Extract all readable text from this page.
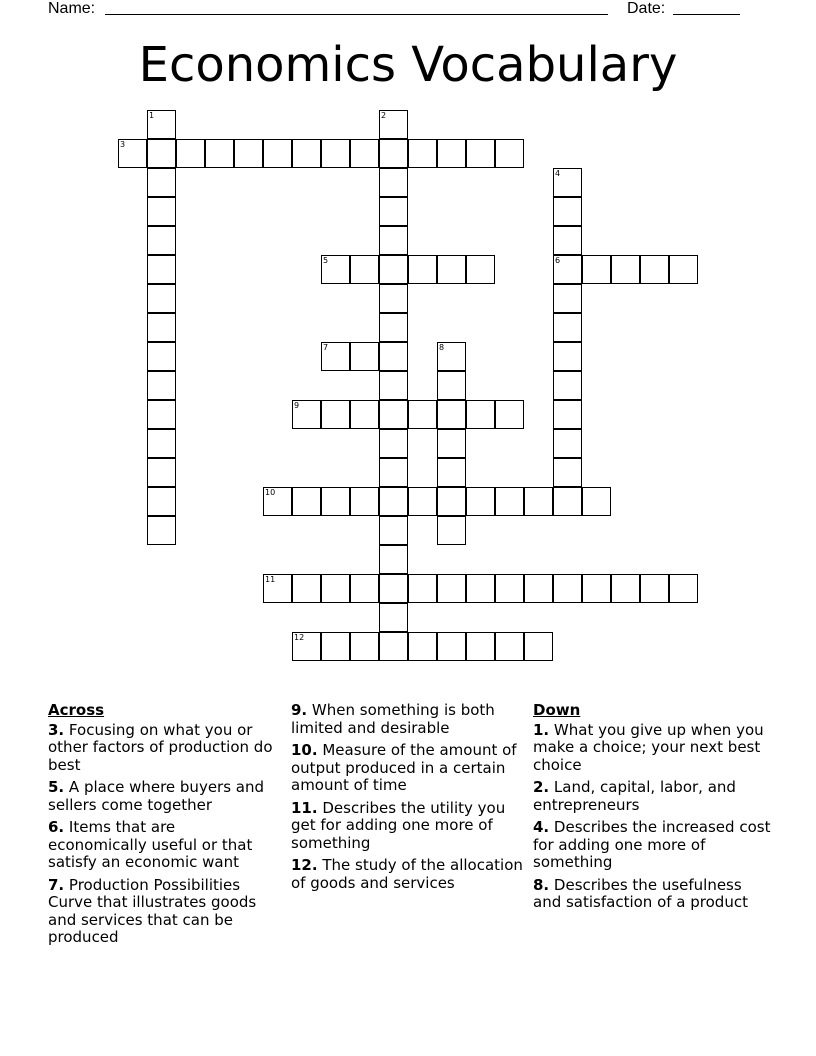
Name:	Date:
Economics Vocabulary
1	2
3
4
6
5
7	8
9
10
11
12
Across
3. Focusing on what you or other factors of production do best
5. A place where buyers and sellers come together
6. Items that are economically useful or that satisfy an economic want
7. Production Possibilities Curve that illustrates goods and services that can be produced
9. When something is both limited and desirable
10. Measure of the amount of output produced in a certain amount of time
11. Describes the utility you get for adding one more of something
12. The study of the allocation of goods and services
Down
1. What you give up when you make a choice; your next best choice
2. Land, capital, labor, and entrepreneurs
4. Describes the increased cost for adding one more of something
8. Describes the usefulness and satisfaction of a product
